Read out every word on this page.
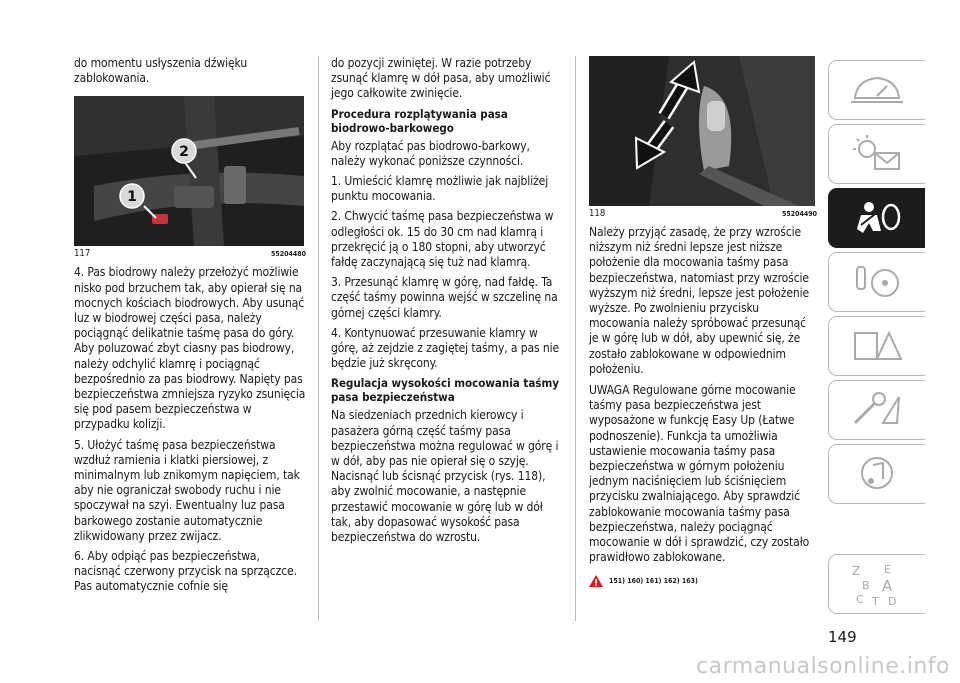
do momentu usłyszenia dźwięku zablokowania.

1
2
117	55204480

4. Pas biodrowy należy przełożyć możliwie nisko pod brzuchem tak, aby opierał się na mocnych kościach biodrowych. Aby usunąć luz w biodrowej części pasa, należy pociągnąć delikatnie taśmę pasa do góry. Aby poluzować zbyt ciasny pas biodrowy, należy odchylić klamrę i pociągnąć bezpośrednio za pas biodrowy. Napięty pas bezpieczeństwa zmniejsza ryzyko zsunięcia się pod pasem bezpieczeństwa w przypadku kolizji.

5. Ułożyć taśmę pasa bezpieczeństwa wzdłuż ramienia i klatki piersiowej, z minimalnym lub znikomym napięciem, tak aby nie ograniczał swobody ruchu i nie spoczywał na szyi. Ewentualny luz pasa barkowego zostanie automatycznie zlikwidowany przez zwijacz.

6. Aby odpiąć pas bezpieczeństwa, nacisnąć czerwony przycisk na sprzączce. Pas automatycznie cofnie się

do pozycji zwiniętej. W razie potrzeby zsunąć klamrę w dół pasa, aby umożliwić jego całkowite zwinięcie.

Procedura rozplątywania pasa biodrowo-barkowego

Aby rozplątać pas biodrowo-barkowy, należy wykonać poniższe czynności.

1. Umieścić klamrę możliwie jak najbliżej punktu mocowania.

2. Chwycić taśmę pasa bezpieczeństwa w odległości ok. 15 do 30 cm nad klamrą i przekręcić ją o 180 stopni, aby utworzyć fałdę zaczynającą się tuż nad klamrą.

3. Przesunąć klamrę w górę, nad fałdę. Ta część taśmy powinna wejść w szczelinę na górnej części klamry.

4. Kontynuować przesuwanie klamry w górę, aż zejdzie z zagiętej taśmy, a pas nie będzie już skręcony.

Regulacja wysokości mocowania taśmy pasa bezpieczeństwa

Na siedzeniach przednich kierowcy i pasażera górną część taśmy pasa bezpieczeństwa można regulować w górę i w dół, aby pas nie opierał się o szyję. Nacisnąć lub ścisnąć przycisk (rys. 118), aby zwolnić mocowanie, a następnie przestawić mocowanie w górę lub w dół tak, aby dopasować wysokość pasa bezpieczeństwa do wzrostu.

118	55204490

Należy przyjąć zasadę, że przy wzroście niższym niż średni lepsze jest niższe położenie dla mocowania taśmy pasa bezpieczeństwa, natomiast przy wzroście wyższym niż średni, lepsze jest położenie wyższe. Po zwolnieniu przycisku mocowania należy spróbować przesunąć je w górę lub w dół, aby upewnić się, że zostało zablokowane w odpowiednim położeniu.

UWAGA Regulowane górne mocowanie taśmy pasa bezpieczeństwa jest wyposażone w funkcję Easy Up (Łatwe podnoszenie). Funkcja ta umożliwia ustawienie mocowania taśmy pasa bezpieczeństwa w górnym położeniu jednym naciśnięciem lub ściśnięciem przycisku zwalniającego. Aby sprawdzić zablokowanie mocowania taśmy pasa bezpieczeństwa, należy pociągnąć mocowanie w dół i sprawdzić, czy zostało prawidłowo zablokowane.

151) 160) 161) 162) 163)
Z E
B A
C D
T
149
carmanualsonline.info
